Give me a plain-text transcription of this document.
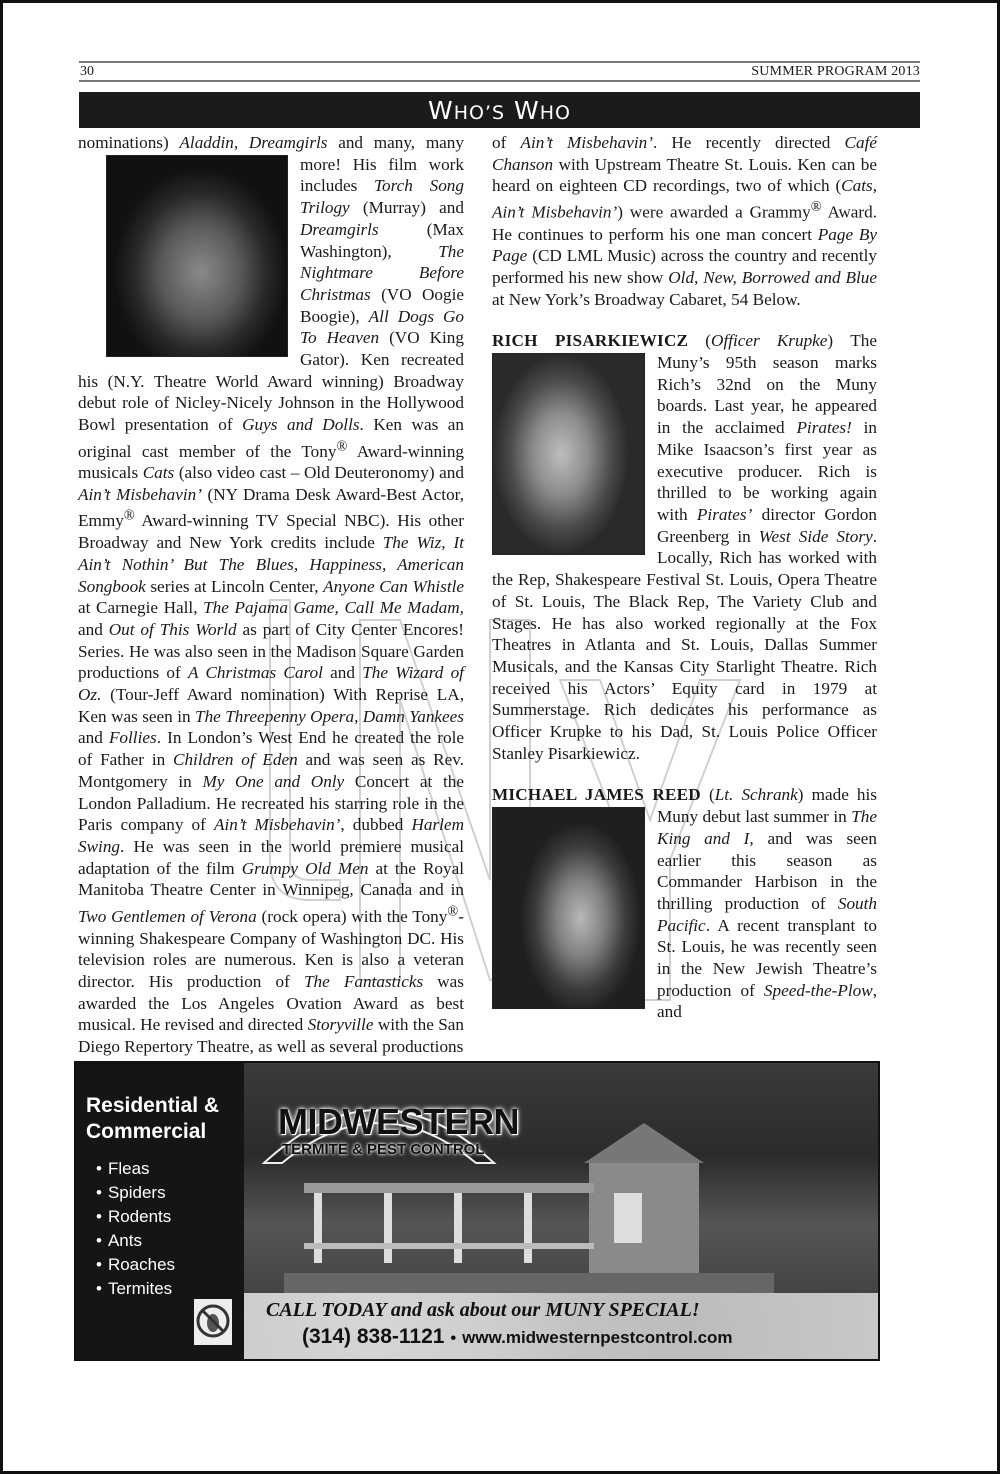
30	SUMMER PROGRAM 2013
WHO’S WHO

nominations) Aladdin, Dreamgirls and many,
many more! His film work includes Torch Song Trilogy (Murray) and Dreamgirls (Max Washington), The Nightmare Before Christmas (VO Oogie Boogie), All Dogs Go To Heaven (VO King Gator). Ken recreated his (N.Y. Theatre World Award winning) Broadway debut role of Nicley-Nicely Johnson in the Hollywood Bowl presentation of Guys and Dolls. Ken was an original cast member of the Tony® Award-winning musicals Cats (also video cast – Old Deuteronomy) and Ain’t Misbehavin’ (NY Drama Desk Award-Best Actor, Emmy® Award-winning TV Special NBC). His other Broadway and New York credits include The Wiz, It Ain’t Nothin’ But The Blues, Happiness, American Songbook series at Lincoln Center, Anyone Can Whistle at Carnegie Hall, The Pajama Game, Call Me Madam, and Out of This World as part of City Center Encores! Series. He was also seen in the Madison Square Garden productions of A Christmas Carol and The Wizard of Oz. (Tour-Jeff Award nomination) With Reprise LA, Ken was seen in The Threepenny Opera, Damn Yankees and Follies. In London’s West End he created the role of Father in Children of Eden and was seen as Rev. Montgomery in My One and Only Concert at the London Palladium. He recreated his starring role in the Paris company of Ain’t Misbehavin’, dubbed Harlem Swing. He was seen in the world premiere musical adaptation of the film Grumpy Old Men at the Royal Manitoba Theatre Center in Winnipeg, Canada and in Two Gentlemen of Verona (rock opera) with the Tony®-winning Shakespeare Company of Washington DC. His television roles are numerous. Ken is also a veteran director. His production of The Fantasticks was awarded the Los Angeles Ovation Award as best musical. He revised and directed Storyville with the San Diego Repertory Theatre, as well as several productions

of Ain’t Misbehavin’. He recently directed Café Chanson with Upstream Theatre St. Louis. Ken can be heard on eighteen CD recordings, two of which (Cats, Ain’t Misbehavin’) were awarded a Grammy® Award. He continues to perform his one man concert Page By Page (CD LML Music) across the country and recently performed his new show Old, New, Borrowed and Blue at New York’s Broadway Cabaret, 54 Below.

RICH PISARKIEWICZ (Officer Krupke)
The Muny’s 95th season marks Rich’s 32nd on the Muny boards. Last year, he appeared in the acclaimed Pirates! in Mike Isaacson’s first year as executive producer. Rich is thrilled to be working again with Pirates’ director Gordon Greenberg in West Side Story. Locally, Rich has worked with the Rep, Shakespeare Festival St. Louis, Opera Theatre of St. Louis, The Black Rep, The Variety Club and Stages. He has also worked regionally at the Fox Theatres in Atlanta and St. Louis, Dallas Summer Musicals, and the Kansas City Starlight Theatre. Rich received his Actors’ Equity card in 1979 at Summerstage. Rich dedicates his performance as Officer Krupke to his Dad, St. Louis Police Officer Stanley Pisarkiewicz.

MICHAEL JAMES REED (Lt. Schrank)
made his Muny debut last summer in The King and I, and was seen earlier this season as Commander Harbison in the thrilling production of South Pacific. A recent transplant to St. Louis, he was recently seen in the New Jewish Theatre’s production of Speed-the-Plow, and

Residential &
Commercial
• Fleas
• Spiders
• Rodents
• Ants
• Roaches
• Termites
MIDWESTERN
TERMITE & PEST CONTROL
CALL TODAY and ask about our MUNY SPECIAL!
(314) 838-1121 • www.midwesternpestcontrol.com
